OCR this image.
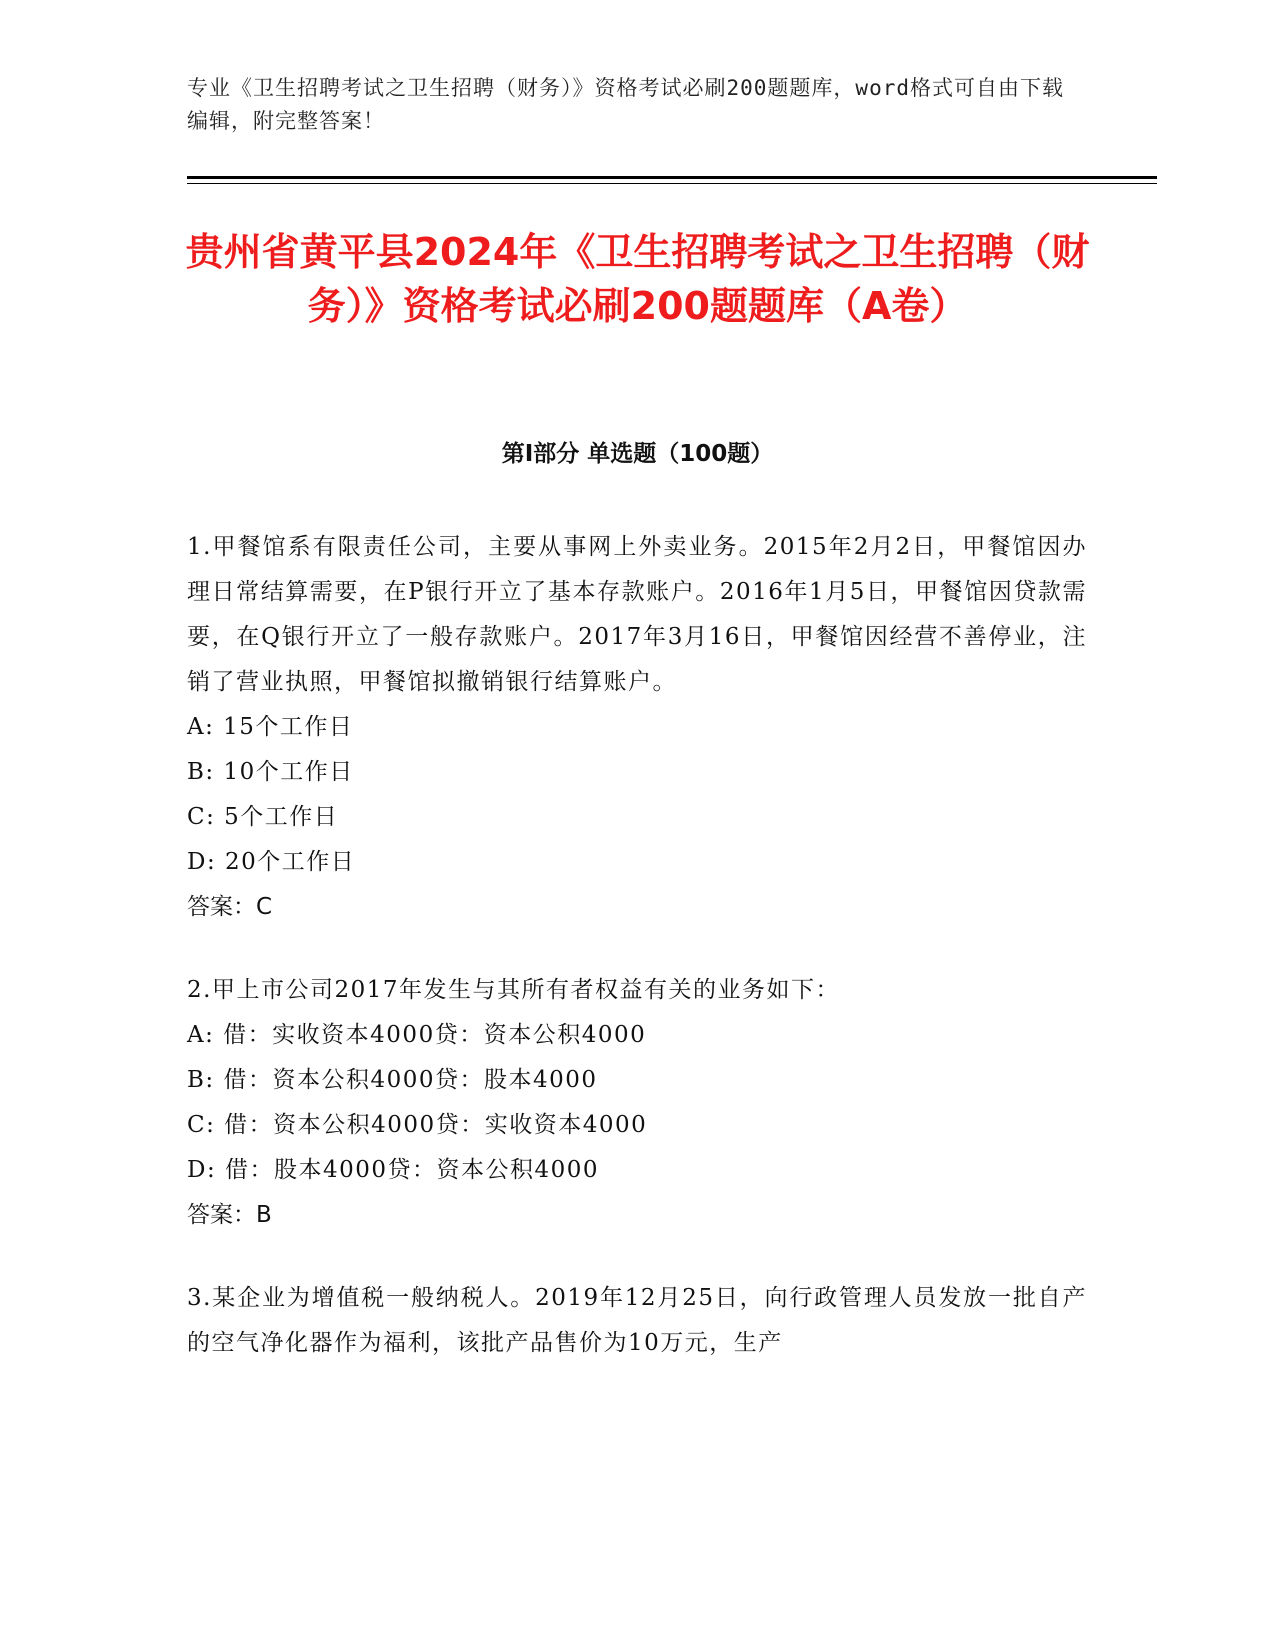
专业《卫生招聘考试之卫生招聘（财务）》资格考试必刷200题题库，word格式可自由下载编辑，附完整答案！
贵州省黄平县2024年《卫生招聘考试之卫生招聘（财务）》资格考试必刷200题题库（A卷）
第I部分 单选题（100题）
1.甲餐馆系有限责任公司，主要从事网上外卖业务。2015年2月2日，甲餐馆因办理日常结算需要，在P银行开立了基本存款账户。2016年1月5日，甲餐馆因贷款需要，在Q银行开立了一般存款账户。2017年3月16日，甲餐馆因经营不善停业，注销了营业执照，甲餐馆拟撤销银行结算账户。
A: 15个工作日
B: 10个工作日
C: 5个工作日
D: 20个工作日
答案：C
2.甲上市公司2017年发生与其所有者权益有关的业务如下：
A: 借：实收资本4000贷：资本公积4000
B: 借：资本公积4000贷：股本4000
C: 借：资本公积4000贷：实收资本4000
D: 借：股本4000贷：资本公积4000
答案：B
3.某企业为增值税一般纳税人。2019年12月25日，向行政管理人员发放一批自产的空气净化器作为福利，该批产品售价为10万元，生产
